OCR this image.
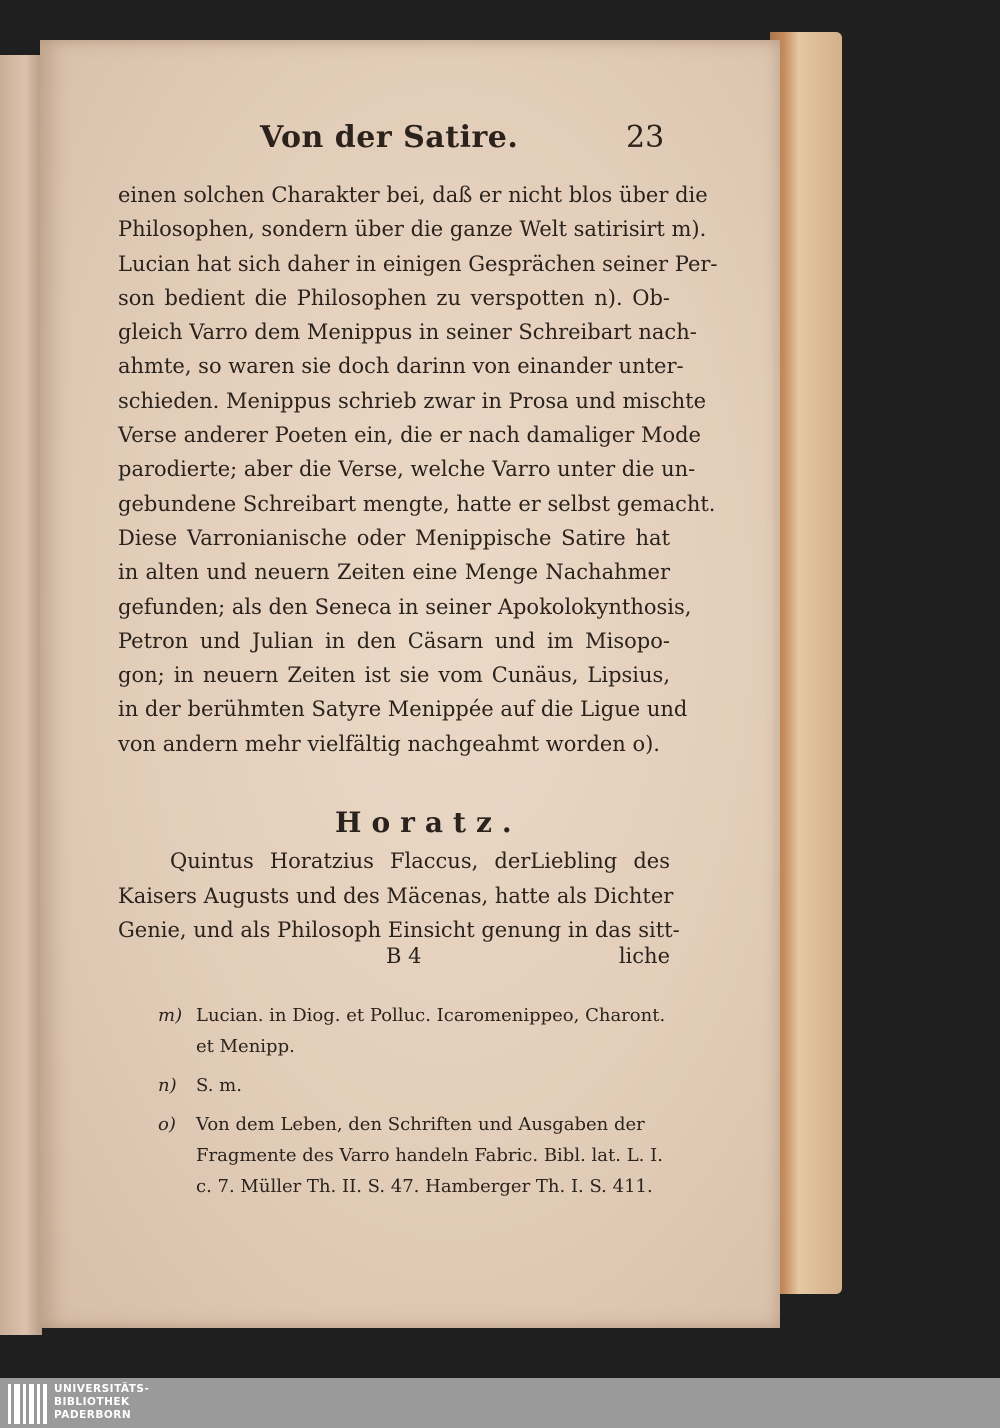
Von der Satire.	23
einen solchen Charakter bei, daß er nicht blos über die
Philosophen, sondern über die ganze Welt satirisirt m).
Lucian hat sich daher in einigen Gesprächen seiner Per-
son bedient die Philosophen zu verspotten n). Ob-
gleich Varro dem Menippus in seiner Schreibart nach-
ahmte, so waren sie doch darinn von einander unter-
schieden. Menippus schrieb zwar in Prosa und mischte
Verse anderer Poeten ein, die er nach damaliger Mode
parodierte; aber die Verse, welche Varro unter die un-
gebundene Schreibart mengte, hatte er selbst gemacht.
Diese Varronianische oder Menippische Satire hat
in alten und neuern Zeiten eine Menge Nachahmer
gefunden; als den Seneca in seiner Apokolokynthosis,
Petron und Julian in den Cäsarn und im Misopo-
gon; in neuern Zeiten ist sie vom Cunäus, Lipsius,
in der berühmten Satyre Menippée auf die Ligue und
von andern mehr vielfältig nachgeahmt worden o).
Horatz.
Quintus Horatzius Flaccus, derLiebling des
Kaisers Augusts und des Mäcenas, hatte als Dichter
Genie, und als Philosoph Einsicht genung in das sitt-
B 4	liche
m) Lucian. in Diog. et Polluc. Icaromenippeo, Charont. et Menipp.
n) S. m.
o) Von dem Leben, den Schriften und Ausgaben der Fragmente des Varro handeln Fabric. Bibl. lat. L. I. c. 7. Müller Th. II. S. 47. Hamberger Th. I. S. 411.
UNIVERSITÄTS-
BIBLIOTHEK
PADERBORN
